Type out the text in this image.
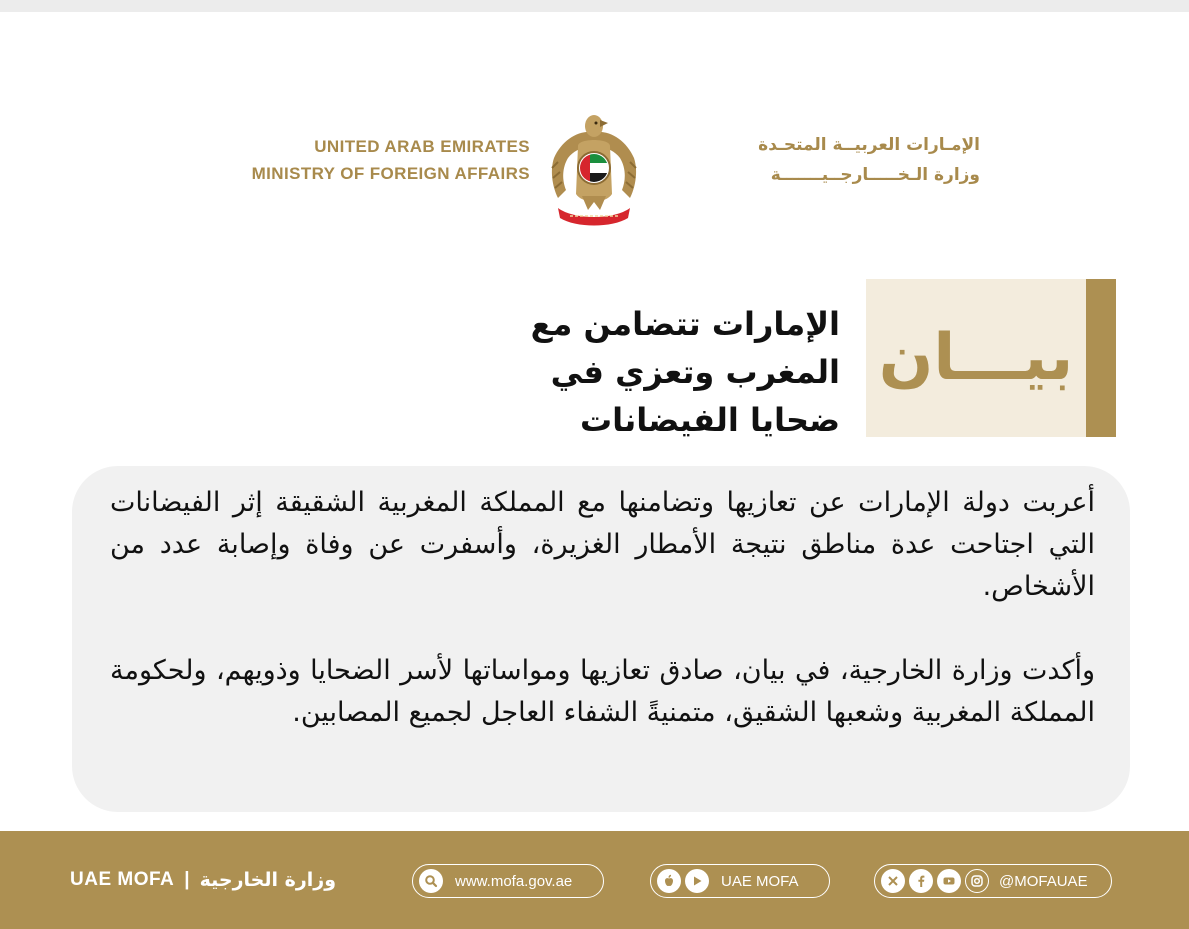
UNITED ARAB EMIRATES
MINISTRY OF FOREIGN AFFAIRS
الإمـارات العربيــة المتحـدة
وزارة الـخـــــارجــيـــــــة
بيـــان
الإمارات تتضامن مع المغرب وتعزي في ضحايا الفيضانات

أعربت دولة الإمارات عن تعازيها وتضامنها مع المملكة المغربية الشقيقة إثر الفيضانات التي اجتاحت عدة مناطق نتيجة الأمطار الغزيرة، وأسفرت عن وفاة وإصابة عدد من الأشخاص.

وأكدت وزارة الخارجية، في بيان، صادق تعازيها ومواساتها لأسر الضحايا وذويهم، ولحكومة المملكة المغربية وشعبها الشقيق، متمنيةً الشفاء العاجل لجميع المصابين.

UAE MOFA | وزارة الخارجية	www.mofa.gov.ae	UAE MOFA	@MOFAUAE
